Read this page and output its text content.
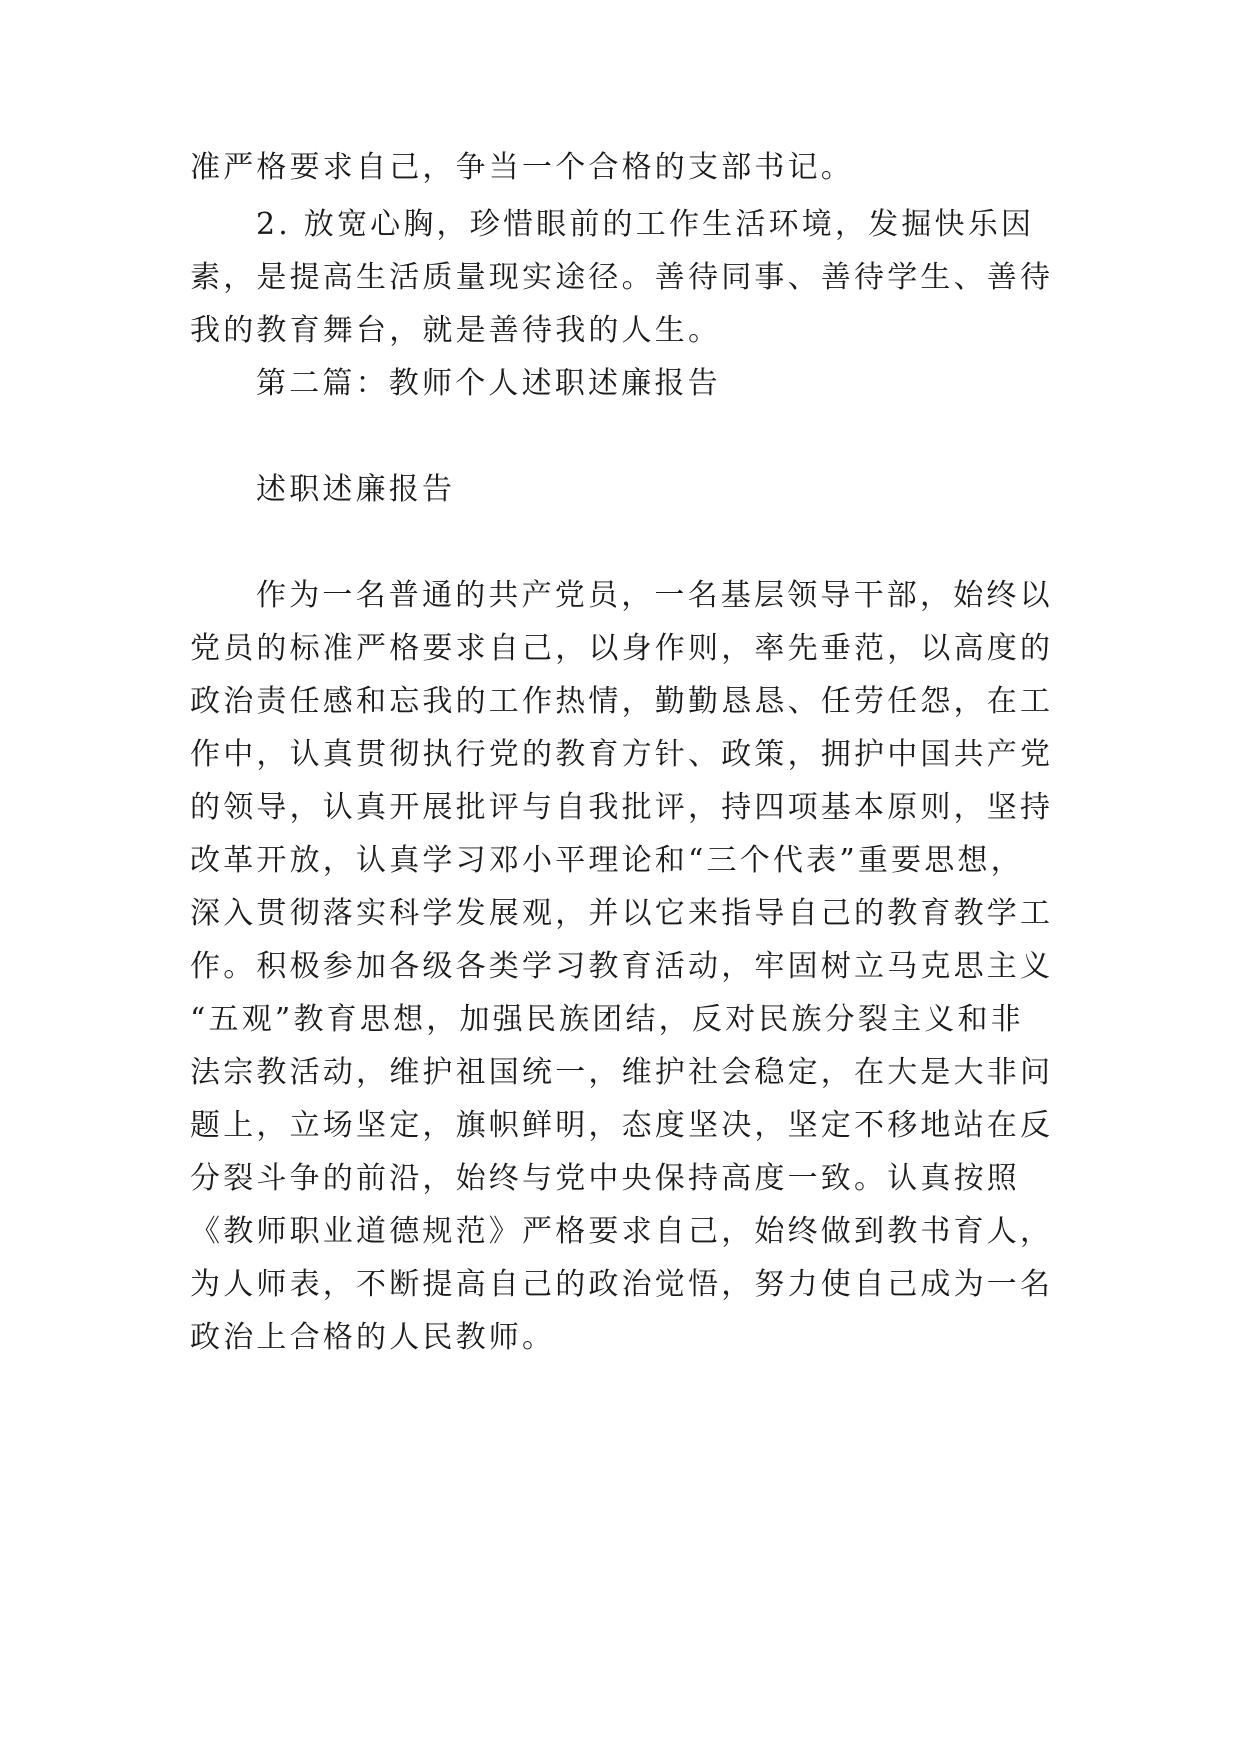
准严格要求自己，争当一个合格的支部书记。
2. 放宽心胸，珍惜眼前的工作生活环境，发掘快乐因
素，是提高生活质量现实途径。善待同事、善待学生、善待
我的教育舞台，就是善待我的人生。
第二篇：教师个人述职述廉报告
述职述廉报告
作为一名普通的共产党员，一名基层领导干部，始终以
党员的标准严格要求自己，以身作则，率先垂范，以高度的
政治责任感和忘我的工作热情，勤勤恳恳、任劳任怨，在工
作中，认真贯彻执行党的教育方针、政策，拥护中国共产党
的领导，认真开展批评与自我批评，持四项基本原则，坚持
改革开放，认真学习邓小平理论和“三个代表”重要思想，
深入贯彻落实科学发展观，并以它来指导自己的教育教学工
作。积极参加各级各类学习教育活动，牢固树立马克思主义
“五观”教育思想，加强民族团结，反对民族分裂主义和非
法宗教活动，维护祖国统一，维护社会稳定，在大是大非问
题上，立场坚定，旗帜鲜明，态度坚决，坚定不移地站在反
分裂斗争的前沿，始终与党中央保持高度一致。认真按照
《教师职业道德规范》严格要求自己，始终做到教书育人，
为人师表，不断提高自己的政治觉悟，努力使自己成为一名
政治上合格的人民教师。
